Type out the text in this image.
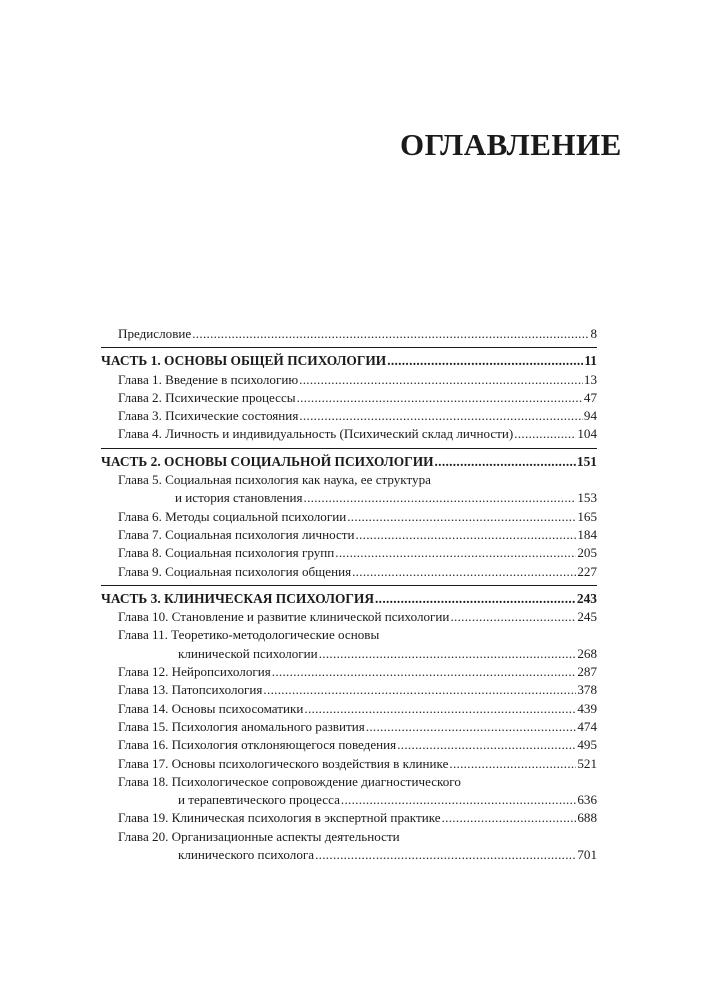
ОГЛАВЛЕНИЕ
Предисловие .....	8
ЧАСТЬ 1. ОСНОВЫ ОБЩЕЙ ПСИХОЛОГИИ .....	11
Глава 1. Введение в психологию .....	13
Глава 2. Психические процессы .....	47
Глава 3. Психические состояния .....	94
Глава 4. Личность и индивидуальность (Психический склад личности) .....	104
ЧАСТЬ 2. ОСНОВЫ СОЦИАЛЬНОЙ ПСИХОЛОГИИ .....	151
Глава 5. Социальная психология как наука, ее структура
и история становления .....	153
Глава 6. Методы социальной психологии .....	165
Глава 7. Социальная психология личности .....	184
Глава 8. Социальная психология групп .....	205
Глава 9. Социальная психология общения .....	227
ЧАСТЬ 3. КЛИНИЧЕСКАЯ ПСИХОЛОГИЯ .....	243
Глава 10. Становление и развитие клинической психологии .....	245
Глава 11. Теоретико-методологические основы
клинической психологии .....	268
Глава 12. Нейропсихология .....	287
Глава 13. Патопсихология .....	378
Глава 14. Основы психосоматики .....	439
Глава 15. Психология аномального развития .....	474
Глава 16. Психология отклоняющегося поведения .....	495
Глава 17. Основы психологического воздействия в клинике .....	521
Глава 18. Психологическое сопровождение диагностического
и терапевтического процесса .....	636
Глава 19. Клиническая психология в экспертной практике .....	688
Глава 20. Организационные аспекты деятельности
клинического психолога .....	701
